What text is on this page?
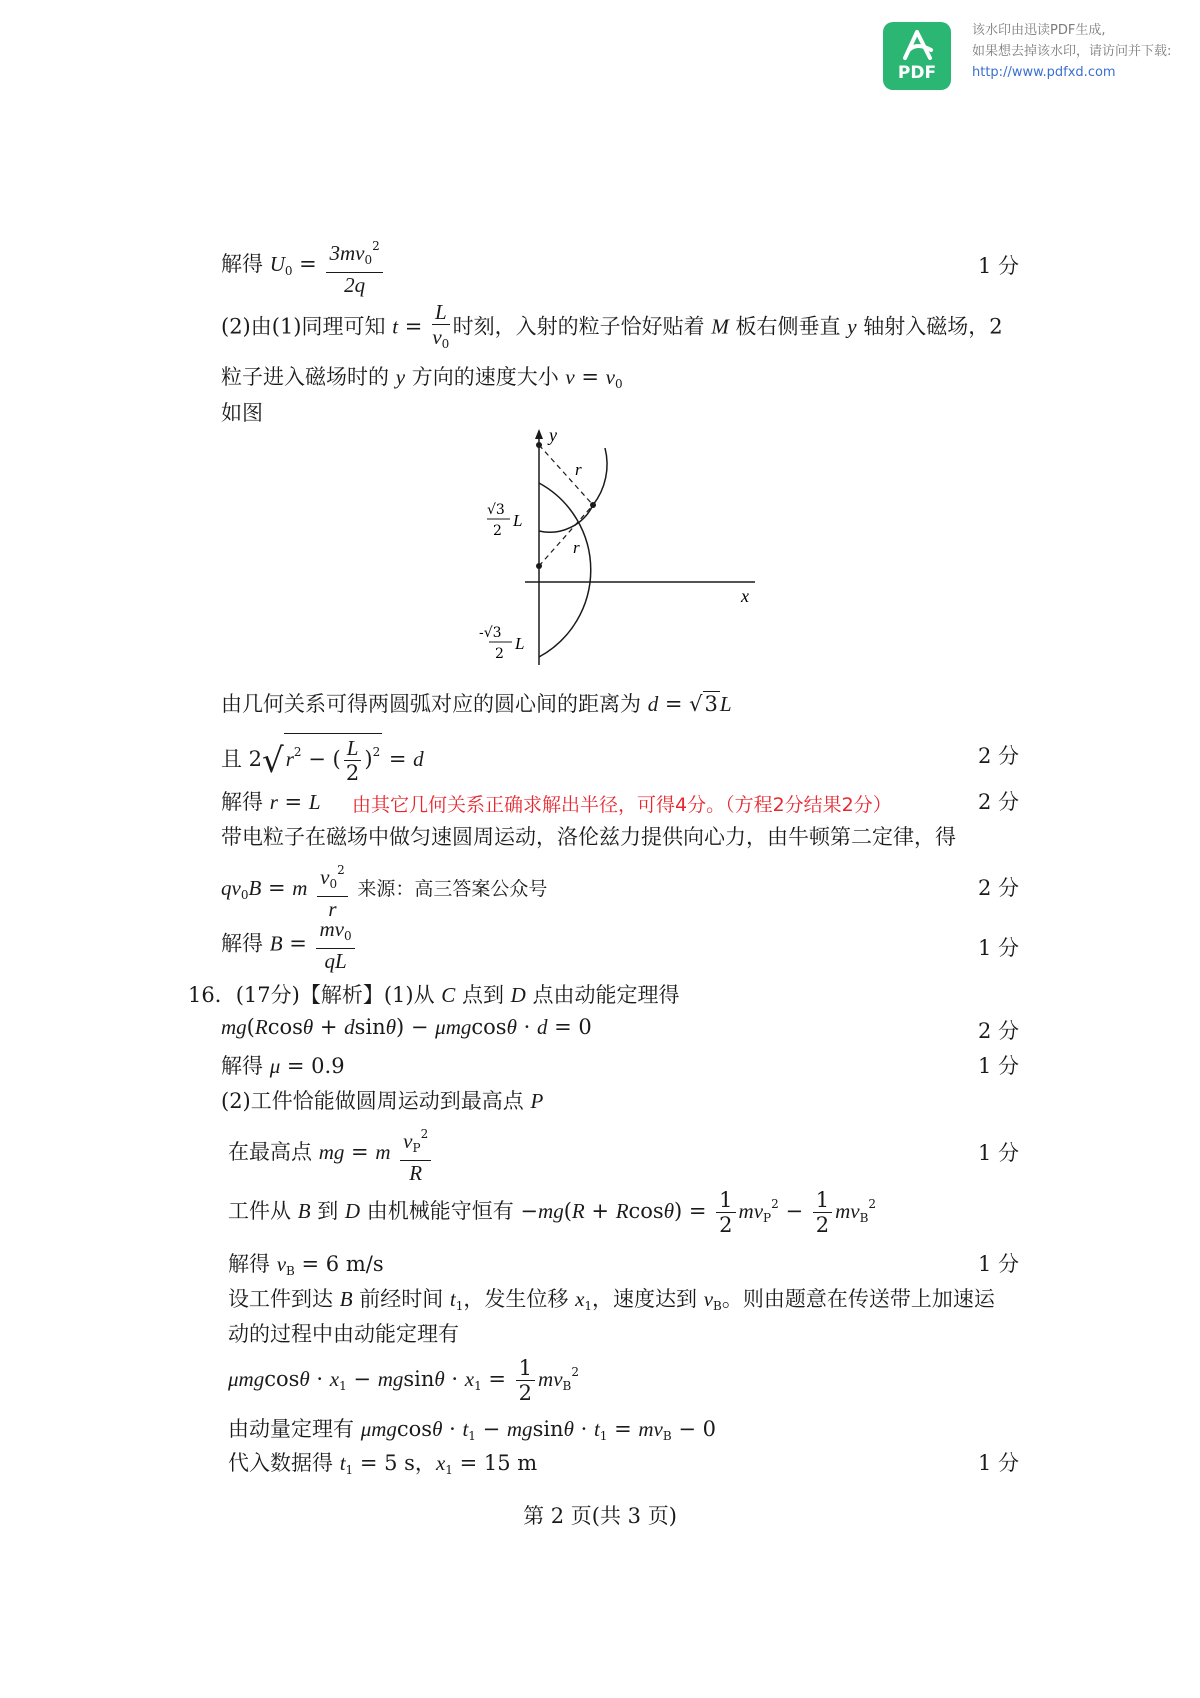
PDF
该水印由迅读PDF生成,
如果想去掉该水印，请访问并下载:
http://www.pdfxd.com
解得 $U_0 = \frac{3mv_0^2}{2q}$	1 分
(2)由(1)同理可知 $t = \frac{L}{v_0}$ 时刻，入射的粒子恰好贴着 M 板右侧垂直 y 轴射入磁场，2
粒子进入磁场时的 y 方向的速度大小 $v = v_0$
如图
y
x
r
r
√3
2
L
-√3
2
L
由几何关系可得两圆弧对应的圆心间的距离为 d = √3L
且 $2√r^2$ − ( $\frac{L}{2} )^2 = d$	2 分
解得 r = L 由其它几何关系正确求解出半径，可得4分。（方程2分结果2分）	2 分
带电粒子在磁场中做匀速圆周运动，洛伦兹力提供向心力，由牛顿第二定律，得
$qv_0B = m \frac{v_0^2}{r}$ 来源：高三答案公众号	2 分
解得 $B = \frac{mv_0}{qL}$	1 分
16．(17分)【解析】(1)从 C 点到 D 点由动能定理得
mg(Rcosθ + dsinθ) − μmgcosθ · d = 0	2 分
解得 μ = 0.9	1 分
(2)工件恰能做圆周运动到最高点 P
在最高点 mg = m $\frac{v_P^2}{R}$	1 分
工件从 B 到 D 由机械能守恒有 $-mg(R + Rcos\theta) = \frac{1}{2} mv_P^2 - \frac{1}{2} mv_B^2$
解得 $v_B = 6$ m/s	1 分
设工件到达 B 前经时间 $t_1$，发生位移 $x_1$，速度达到 $v_B$。则由题意在传送带上加速运
动的过程中由动能定理有
$\mu mgcos\theta \cdot x_1 - mgsin\theta \cdot x_1 = \frac{1}{2} mv_B^2$
由动量定理有 $\mu mgcos\theta \cdot t_1 - mgsin\theta \cdot t_1 = mv_B - 0$
代入数据得 $t_1 = 5$ s，$x_1 = 15$ m	1 分
第 2 页(共 3 页)
